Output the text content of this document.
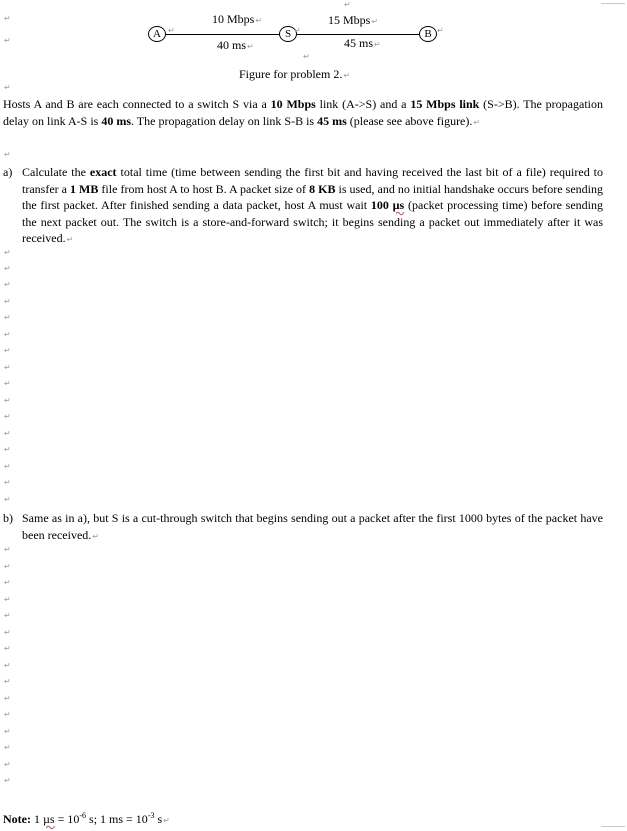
↵
↵
↵
↵
A	S	B
↵	↵	↵
10 Mbps↵
40 ms↵
15 Mbps↵
45 ms↵
Figure for problem 2.↵
↵
Hosts A and B are each connected to a switch S via a 10 Mbps link (A->S) and a 15 Mbps link (S->B). The propagation delay on link A-S is 40 ms. The propagation delay on link S-B is 45 ms (please see above figure).↵
↵
a) Calculate the exact total time (time between sending the first bit and having received the last bit of a file) required to transfer a 1 MB file from host A to host B. A packet size of 8 KB is used, and no initial handshake occurs before sending the first packet. After finished sending a data packet, host A must wait 100 µs (packet processing time) before sending the next packet out. The switch is a store-and-forward switch; it begins sending a packet out immediately after it was received.↵
↵
↵
↵
↵
↵
↵
↵
↵
↵
↵
↵
↵
↵
↵
↵
↵
b) Same as in a), but S is a cut-through switch that begins sending out a packet after the first 1000 bytes of the packet have been received.↵
↵
↵
↵
↵
↵
↵
↵
↵
↵
↵
↵
↵
↵
↵
↵
Note: 1 $\mu s = 10^{-6}$ s; 1 ms = $10^{-3}$ s↵
